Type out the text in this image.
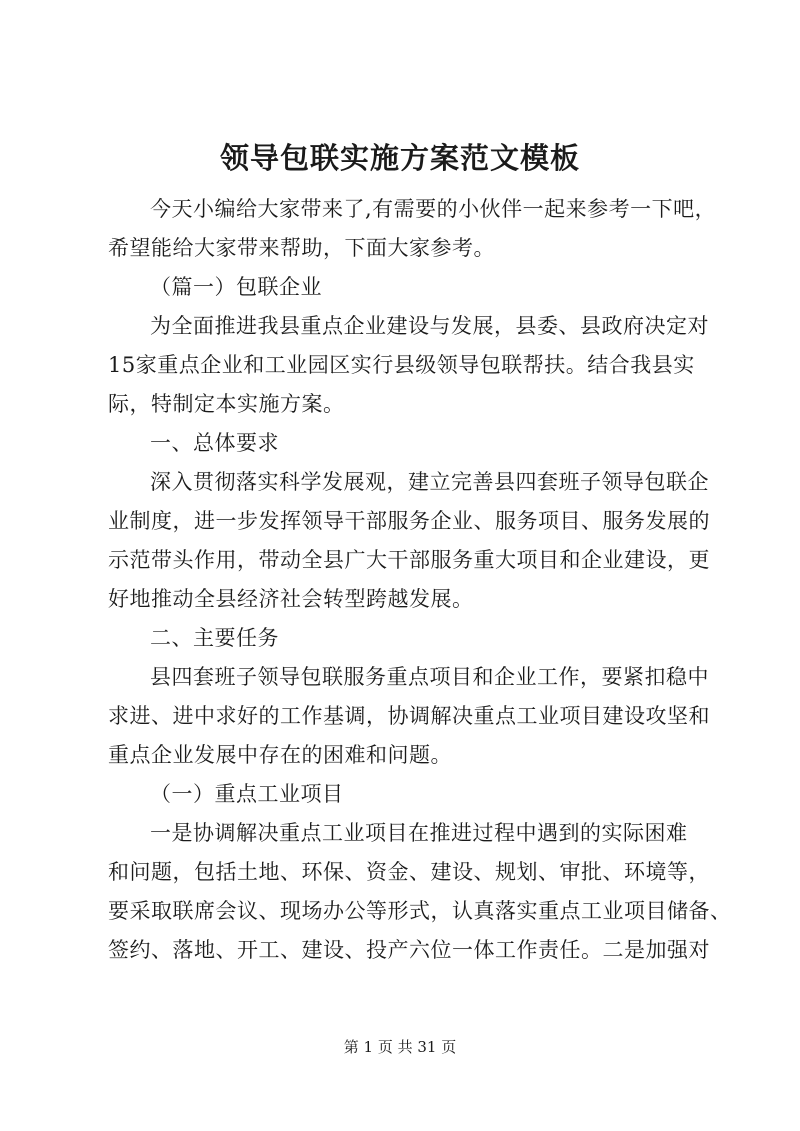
领导包联实施方案范文模板
今天小编给大家带来了,有需要的小伙伴一起来参考一下吧，
希望能给大家带来帮助，下面大家参考。
（篇一）包联企业
为全面推进我县重点企业建设与发展，县委、县政府决定对
15家重点企业和工业园区实行县级领导包联帮扶。结合我县实
际，特制定本实施方案。
一、总体要求
深入贯彻落实科学发展观，建立完善县四套班子领导包联企
业制度，进一步发挥领导干部服务企业、服务项目、服务发展的
示范带头作用，带动全县广大干部服务重大项目和企业建设，更
好地推动全县经济社会转型跨越发展。
二、主要任务
县四套班子领导包联服务重点项目和企业工作，要紧扣稳中
求进、进中求好的工作基调，协调解决重点工业项目建设攻坚和
重点企业发展中存在的困难和问题。
（一）重点工业项目
一是协调解决重点工业项目在推进过程中遇到的实际困难
和问题，包括土地、环保、资金、建设、规划、审批、环境等，
要采取联席会议、现场办公等形式，认真落实重点工业项目储备、
签约、落地、开工、建设、投产六位一体工作责任。二是加强对
第 1 页 共 31 页
